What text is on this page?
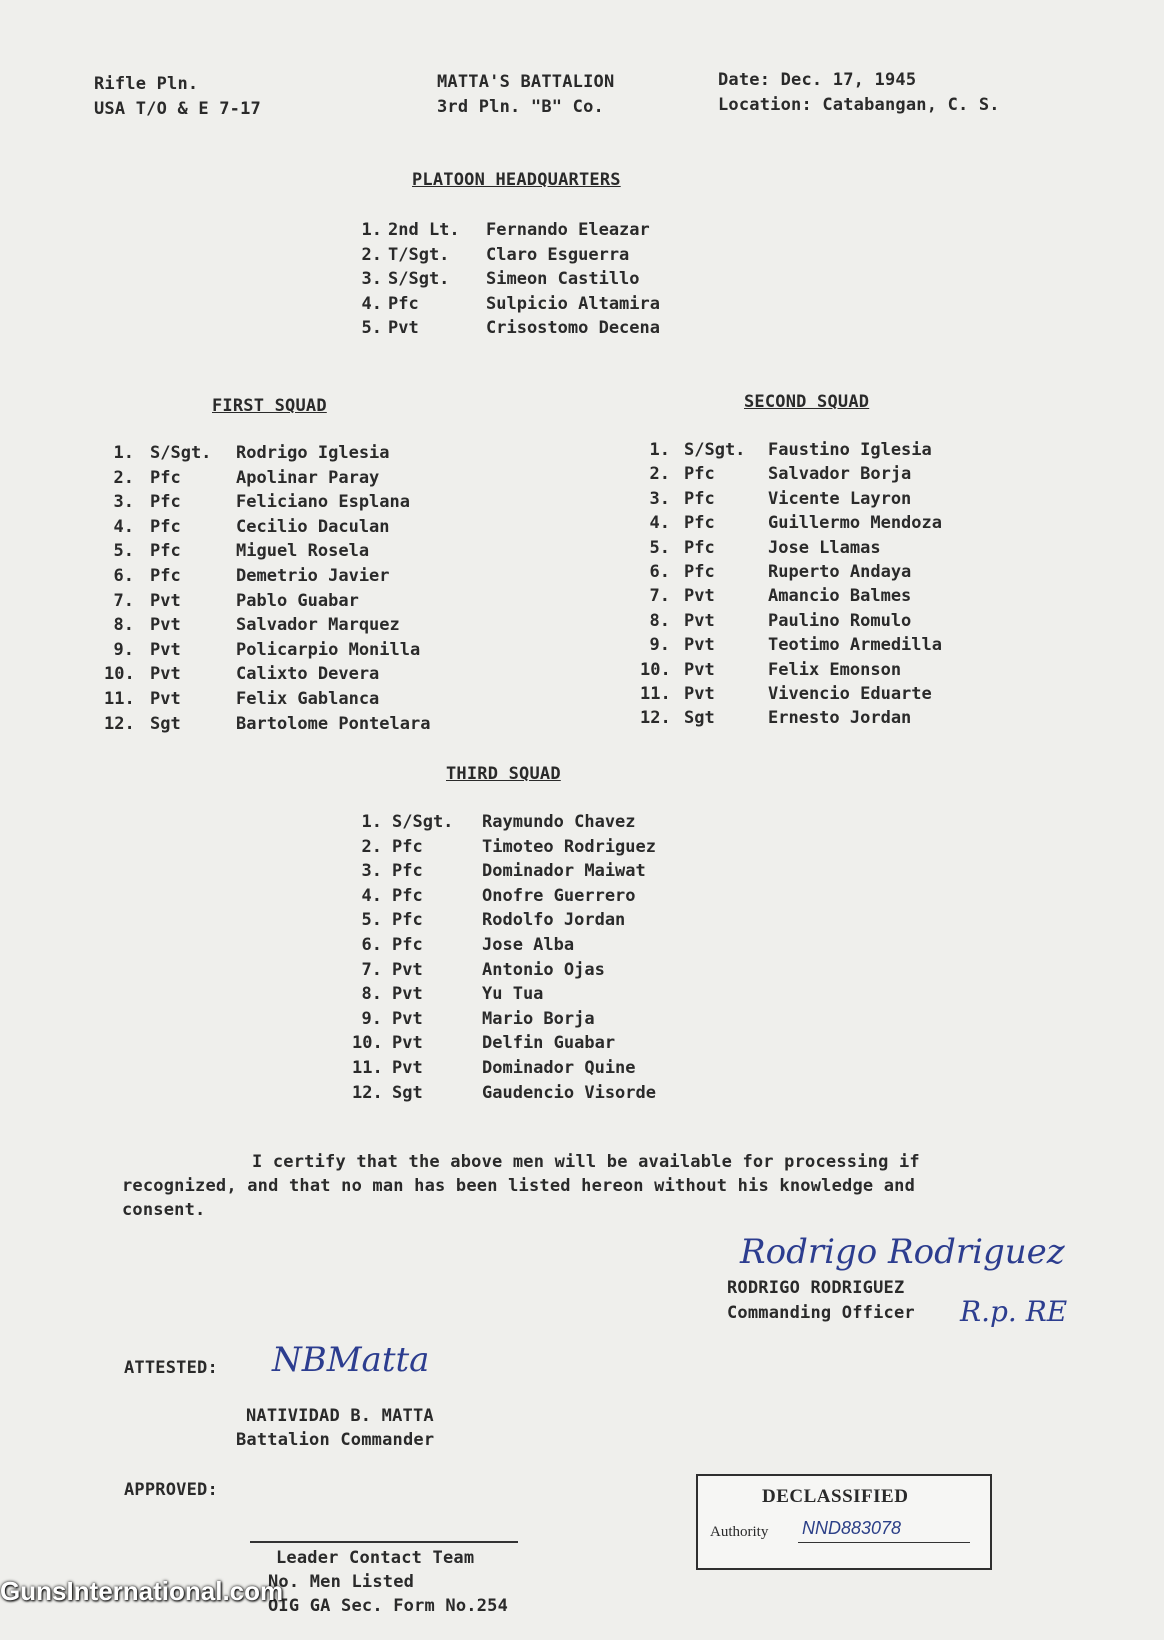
Rifle Pln.
USA T/O & E 7-17
MATTA'S BATTALION
3rd Pln. "B" Co.
Date: Dec. 17, 1945
Location: Catabangan, C. S.
PLATOON HEADQUARTERS
1. 2nd Lt. Fernando Eleazar
2. T/Sgt. Claro Esguerra
3. S/Sgt. Simeon Castillo
4. Pfc	Sulpicio Altamira
5. Pvt	Crisostomo Decena
FIRST SQUAD
1. S/Sgt. Rodrigo Iglesia
2. Pfc	Apolinar Paray
3. Pfc	Feliciano Esplana
4. Pfc	Cecilio Daculan
5. Pfc	Miguel Rosela
6. Pfc	Demetrio Javier
7. Pvt	Pablo Guabar
8. Pvt	Salvador Marquez
9. Pvt	Policarpio Monilla
10. Pvt	Calixto Devera
11. Pvt	Felix Gablanca
12. Sgt	Bartolome Pontelara
SECOND SQUAD
1. S/Sgt. Faustino Iglesia
2. Pfc	Salvador Borja
3. Pfc	Vicente Layron
4. Pfc	Guillermo Mendoza
5. Pfc	Jose Llamas
6. Pfc	Ruperto Andaya
7. Pvt	Amancio Balmes
8. Pvt	Paulino Romulo
9. Pvt	Teotimo Armedilla
10. Pvt	Felix Emonson
11. Pvt	Vivencio Eduarte
12. Sgt	Ernesto Jordan
THIRD SQUAD
1. S/Sgt. Raymundo Chavez
2. Pfc	Timoteo Rodriguez
3. Pfc	Dominador Maiwat
4. Pfc	Onofre Guerrero
5. Pfc	Rodolfo Jordan
6. Pfc	Jose Alba
7. Pvt	Antonio Ojas
8. Pvt	Yu Tua
9. Pvt	Mario Borja
10. Pvt	Delfin Guabar
11. Pvt	Dominador Quine
12. Sgt	Gaudencio Visorde
I certify that the above men will be available for processing if
recognized, and that no man has been listed hereon without his knowledge and
consent.
Rodrigo Rodriguez
RODRIGO RODRIGUEZ
Commanding Officer R.p. RE
ATTESTED: NBMatta
NATIVIDAD B. MATTA
Battalion Commander
APPROVED:
Leader Contact Team
No. Men Listed
OIG GA Sec. Form No.254
DECLASSIFIED
Authority NND883078
GunsInternational.com
